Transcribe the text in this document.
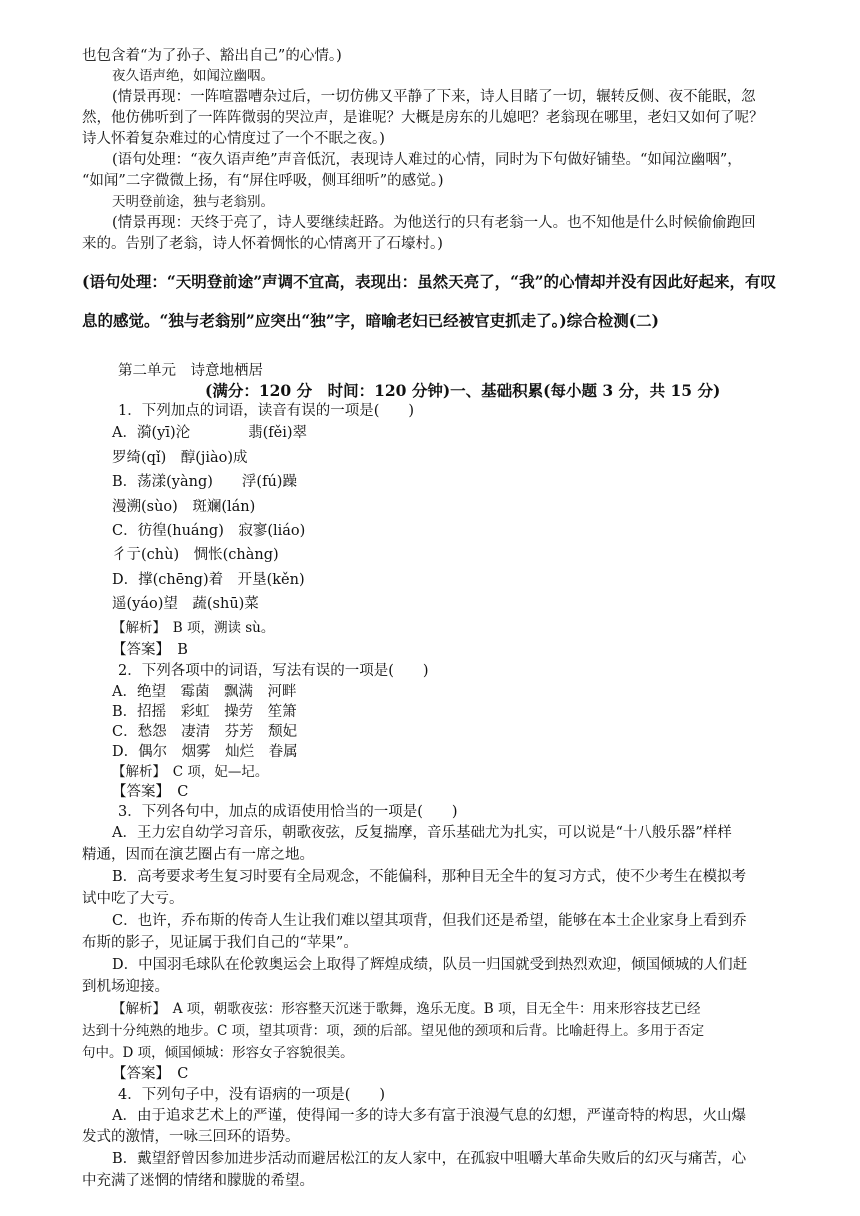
也包含着“为了孙子、豁出自己”的心情。)
夜久语声绝，如闻泣幽咽。
(情景再现：一阵喧嚣嘈杂过后，一切仿佛又平静了下来，诗人目睹了一切，辗转反侧、夜不能眠，忽
然，他仿佛听到了一阵阵微弱的哭泣声，是谁呢？大概是房东的儿媳吧？老翁现在哪里，老妇又如何了呢？
诗人怀着复杂难过的心情度过了一个不眠之夜。)
(语句处理：“夜久语声绝”声音低沉，表现诗人难过的心情，同时为下句做好铺垫。“如闻泣幽咽”，
“如闻”二字微微上扬，有“屏住呼吸，侧耳细听”的感觉。)
天明登前途，独与老翁别。
(情景再现：天终于亮了，诗人要继续赶路。为他送行的只有老翁一人。也不知他是什么时候偷偷跑回
来的。告别了老翁，诗人怀着惆怅的心情离开了石壕村。)
(语句处理：“天明登前途”声调不宜高，表现出：虽然天亮了，“我”的心情却并没有因此好起来，有叹
息的感觉。“独与老翁别”应突出“独”字，暗喻老妇已经被官吏抓走了。)综合检测(二)
第二单元　诗意地栖居
(满分：120 分　时间：120 分钟)一、基础积累(每小题 3 分，共 15 分)
1．下列加点的词语，读音有误的一项是(　　)
A．漪(yī)沦　　　　翡(fěi)翠
罗绮(qǐ)　醇(jiào)成
B．荡漾(yàng)　　浮(fú)躁
漫溯(sùo)　斑斓(lán)
C．彷徨(huáng)　寂寥(liáo)
彳亍(chù)　惆怅(chàng)
D．撑(chēng)着　开垦(kěn)
遥(yáo)望　蔬(shū)菜
【解析】　B 项，溯读 sù。
【答案】　B
2．下列各项中的词语，写法有误的一项是(　　)
A．绝望　霉菌　飘满　河畔
B．招摇　彩虹　操劳　笙箫
C．愁怨　凄清　芬芳　颓妃
D．偶尔　烟雾　灿烂　眷属
【解析】　C 项，妃—圮。
【答案】　C
3．下列各句中，加点的成语使用恰当的一项是(　　)
A．王力宏自幼学习音乐，朝歌夜弦，反复揣摩，音乐基础尤为扎实，可以说是“十八般乐器”样样
精通，因而在演艺圈占有一席之地。
B．高考要求考生复习时要有全局观念，不能偏科，那种目无全牛的复习方式，使不少考生在模拟考
试中吃了大亏。
C．也许，乔布斯的传奇人生让我们难以望其项背，但我们还是希望，能够在本土企业家身上看到乔
布斯的影子，见证属于我们自己的“苹果”。
D．中国羽毛球队在伦敦奥运会上取得了辉煌成绩，队员一归国就受到热烈欢迎，倾国倾城的人们赶
到机场迎接。
【解析】　A 项，朝歌夜弦：形容整天沉迷于歌舞，逸乐无度。B 项，目无全牛：用来形容技艺已经
达到十分纯熟的地步。C 项，望其项背：项，颈的后部。望见他的颈项和后背。比喻赶得上。多用于否定
句中。D 项，倾国倾城：形容女子容貌很美。
【答案】　C
4．下列句子中，没有语病的一项是(　　)
A．由于追求艺术上的严谨，使得闻一多的诗大多有富于浪漫气息的幻想，严谨奇特的构思，火山爆
发式的激情，一咏三回环的语势。
B．戴望舒曾因参加进步活动而避居松江的友人家中，在孤寂中咀嚼大革命失败后的幻灭与痛苦，心
中充满了迷惘的情绪和朦胧的希望。
